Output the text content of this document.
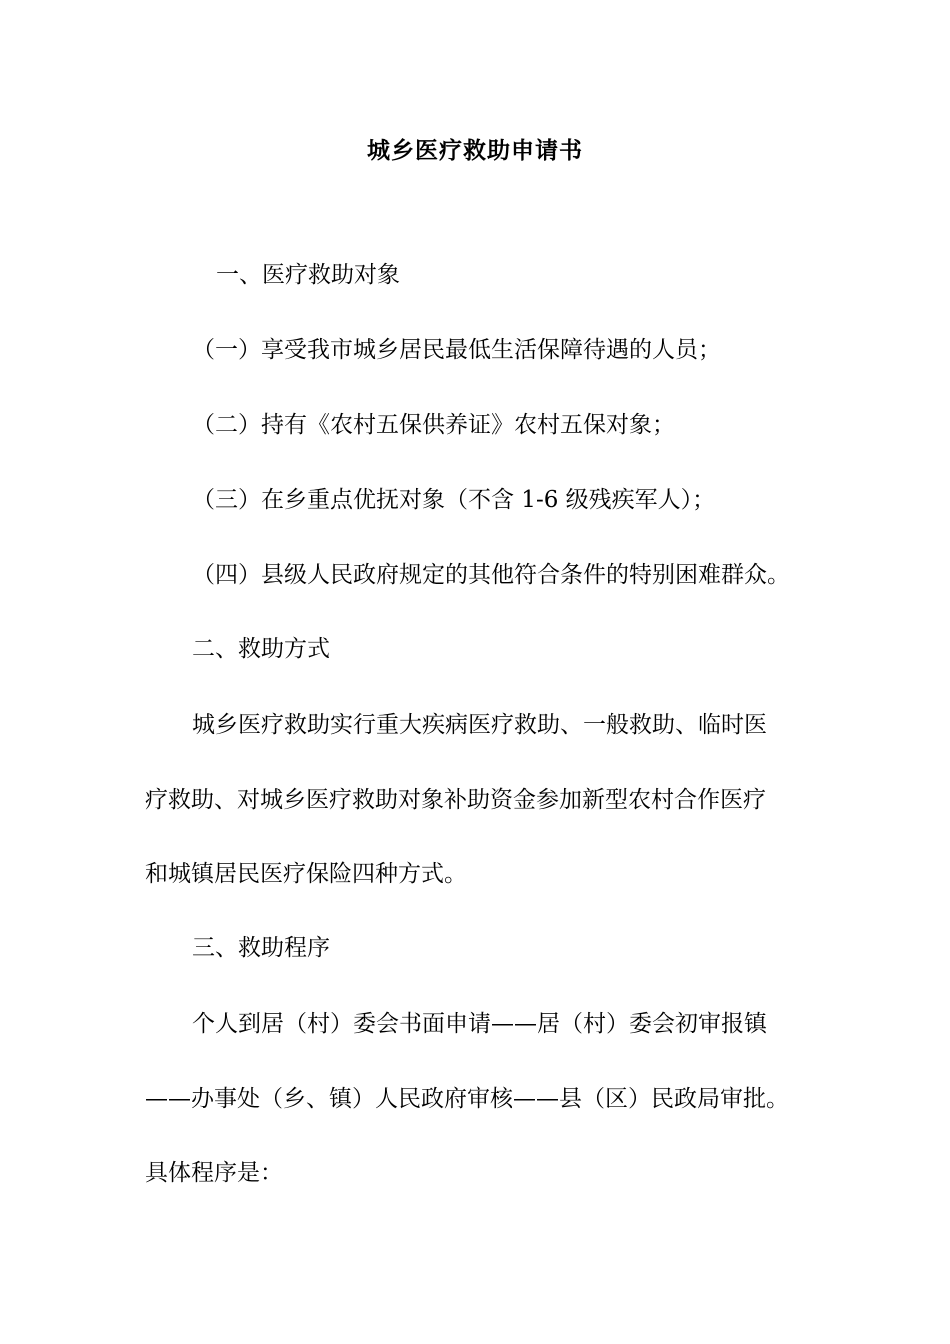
城乡医疗救助申请书
一、医疗救助对象
（一）享受我市城乡居民最低生活保障待遇的人员；
（二）持有《农村五保供养证》农村五保对象；
（三）在乡重点优抚对象（不含 1-6 级残疾军人）；
（四）县级人民政府规定的其他符合条件的特别困难群众。
二、救助方式
城乡医疗救助实行重大疾病医疗救助、一般救助、临时医
疗救助、对城乡医疗救助对象补助资金参加新型农村合作医疗
和城镇居民医疗保险四种方式。
三、救助程序
个人到居（村）委会书面申请——居（村）委会初审报镇
——办事处（乡、镇）人民政府审核——县（区）民政局审批。
具体程序是：
